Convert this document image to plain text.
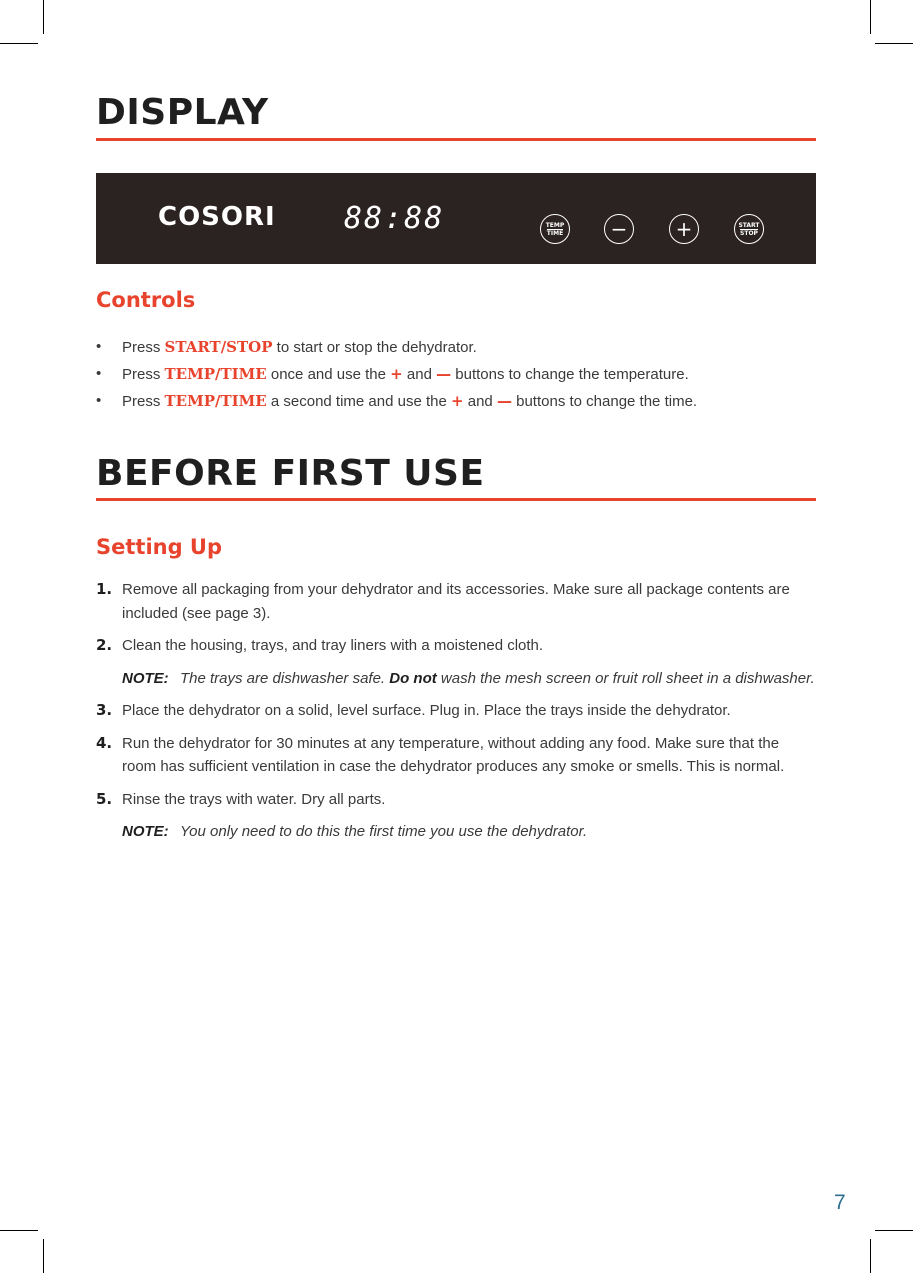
DISPLAY
COSORI 88:88	TEMP
TIME − +	START
STOP
Controls
• Press START/STOP to start or stop the dehydrator.
• Press TEMP/TIME once and use the + and — buttons to change the temperature.
• Press TEMP/TIME a second time and use the + and — buttons to change the time.
BEFORE FIRST USE
Setting Up
1. Remove all packaging from your dehydrator and its accessories. Make sure all package contents are included (see page 3).
2. Clean the housing, trays, and tray liners with a moistened cloth.
NOTE: The trays are dishwasher safe. Do not wash the mesh screen or fruit roll sheet in a dishwasher.
3. Place the dehydrator on a solid, level surface. Plug in. Place the trays inside the dehydrator.
4. Run the dehydrator for 30 minutes at any temperature, without adding any food. Make sure that the room has sufficient ventilation in case the dehydrator produces any smoke or smells. This is normal.
5. Rinse the trays with water. Dry all parts.
NOTE: You only need to do this the first time you use the dehydrator.
7
